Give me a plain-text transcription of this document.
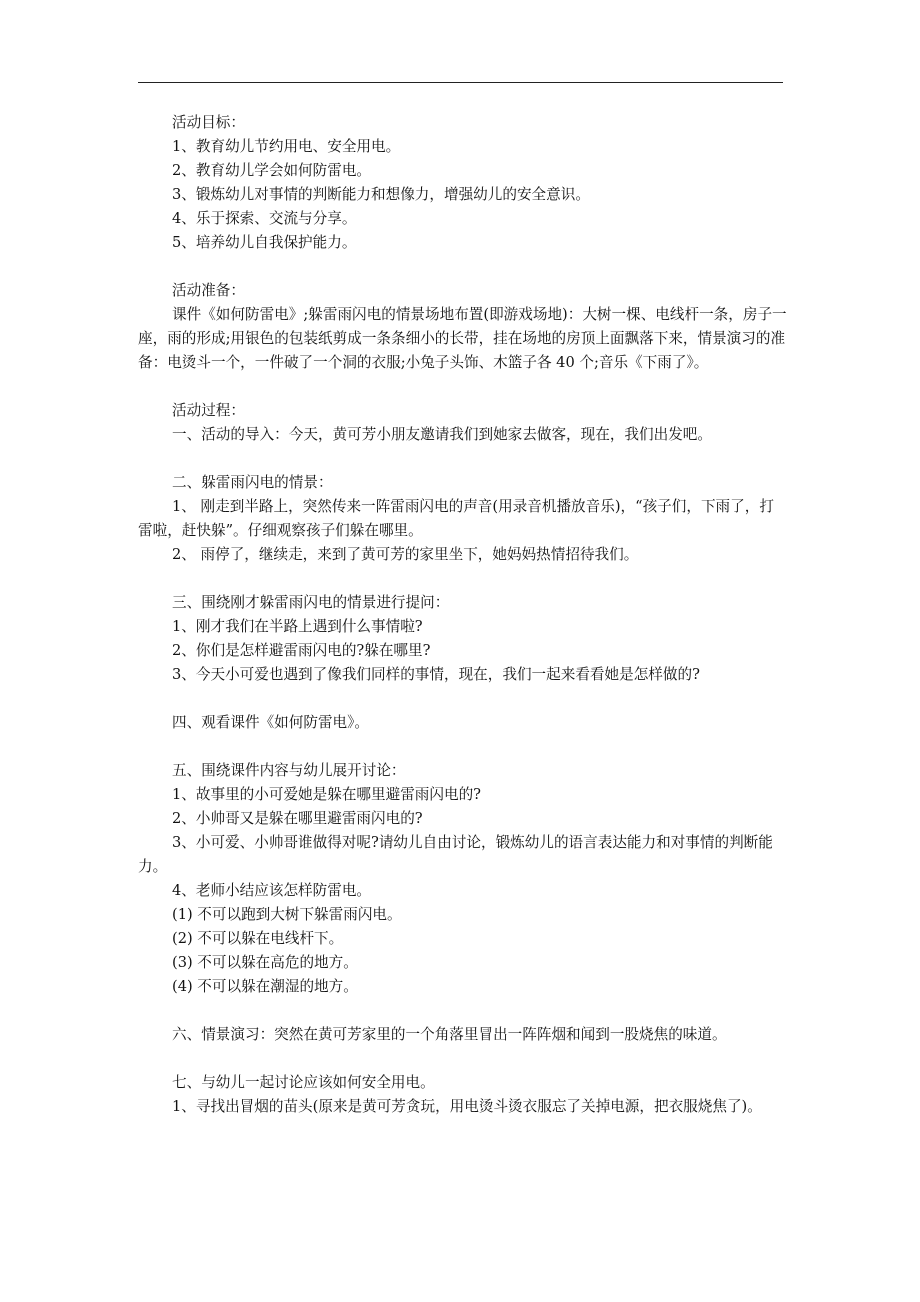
活动目标：

1、教育幼儿节约用电、安全用电。

2、教育幼儿学会如何防雷电。

3、锻炼幼儿对事情的判断能力和想像力，增强幼儿的安全意识。

4、乐于探索、交流与分享。

5、培养幼儿自我保护能力。

活动准备：

课件《如何防雷电》;躲雷雨闪电的情景场地布置(即游戏场地)：大树一棵、电线杆一条，房子一座，雨的形成;用银色的包装纸剪成一条条细小的长带，挂在场地的房顶上面飘落下来，情景演习的准备：电烫斗一个，一件破了一个洞的衣服;小兔子头饰、木篮子各 40 个;音乐《下雨了》。

活动过程：

一、活动的导入：今天，黄可芳小朋友邀请我们到她家去做客，现在，我们出发吧。

二、躲雷雨闪电的情景：

1、 刚走到半路上，突然传来一阵雷雨闪电的声音(用录音机播放音乐)，“孩子们，下雨了，打雷啦，赶快躲”。仔细观察孩子们躲在哪里。

2、 雨停了，继续走，来到了黄可芳的家里坐下，她妈妈热情招待我们。

三、围绕刚才躲雷雨闪电的情景进行提问：

1、刚才我们在半路上遇到什么事情啦?

2、你们是怎样避雷雨闪电的?躲在哪里?

3、今天小可爱也遇到了像我们同样的事情，现在，我们一起来看看她是怎样做的?

四、观看课件《如何防雷电》。

五、围绕课件内容与幼儿展开讨论：

1、故事里的小可爱她是躲在哪里避雷雨闪电的?

2、小帅哥又是躲在哪里避雷雨闪电的?

3、小可爱、小帅哥谁做得对呢?请幼儿自由讨论，锻炼幼儿的语言表达能力和对事情的判断能力。

4、老师小结应该怎样防雷电。

(1) 不可以跑到大树下躲雷雨闪电。

(2) 不可以躲在电线杆下。

(3) 不可以躲在高危的地方。

(4) 不可以躲在潮湿的地方。

六、情景演习：突然在黄可芳家里的一个角落里冒出一阵阵烟和闻到一股烧焦的味道。

七、与幼儿一起讨论应该如何安全用电。

1、寻找出冒烟的苗头(原来是黄可芳贪玩，用电烫斗烫衣服忘了关掉电源，把衣服烧焦了)。
